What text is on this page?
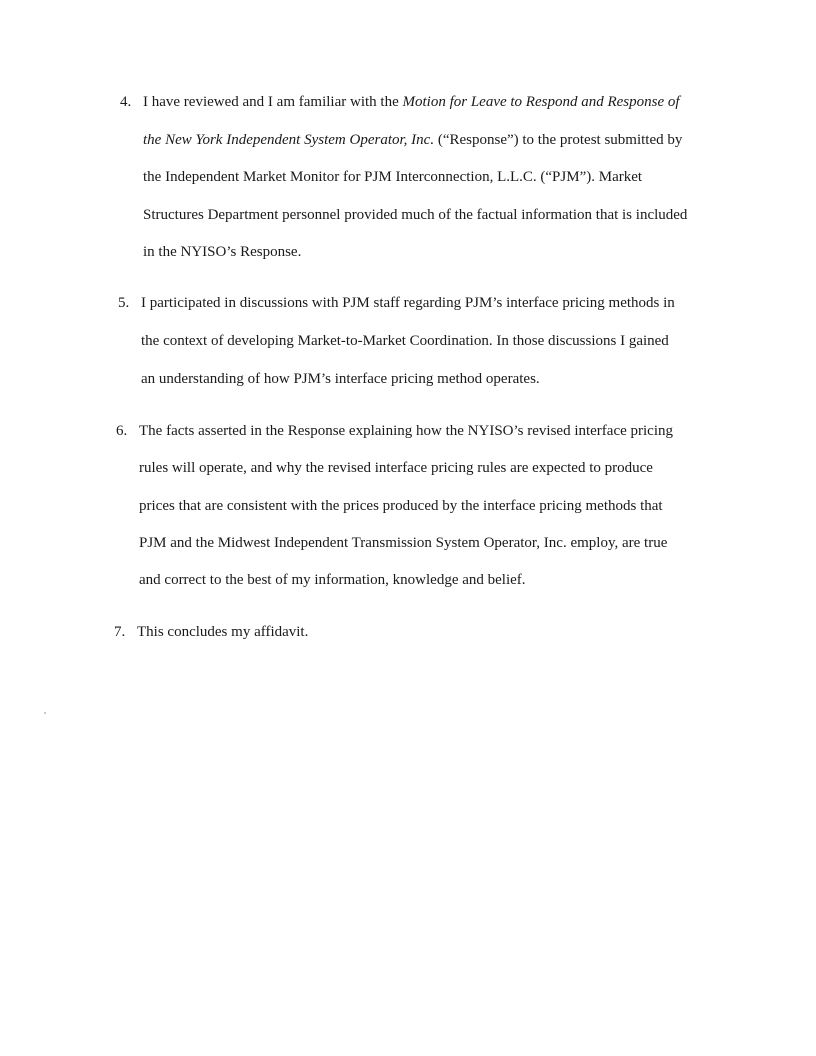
4. I have reviewed and I am familiar with the Motion for Leave to Respond and Response of
the New York Independent System Operator, Inc. (“Response”) to the protest submitted by
the Independent Market Monitor for PJM Interconnection, L.L.C. (“PJM”). Market
Structures Department personnel provided much of the factual information that is included
in the NYISO’s Response.
5. I participated in discussions with PJM staff regarding PJM’s interface pricing methods in
the context of developing Market-to-Market Coordination. In those discussions I gained
an understanding of how PJM’s interface pricing method operates.
6. The facts asserted in the Response explaining how the NYISO’s revised interface pricing
rules will operate, and why the revised interface pricing rules are expected to produce
prices that are consistent with the prices produced by the interface pricing methods that
PJM and the Midwest Independent Transmission System Operator, Inc. employ, are true
and correct to the best of my information, knowledge and belief.
7. This concludes my affidavit.
